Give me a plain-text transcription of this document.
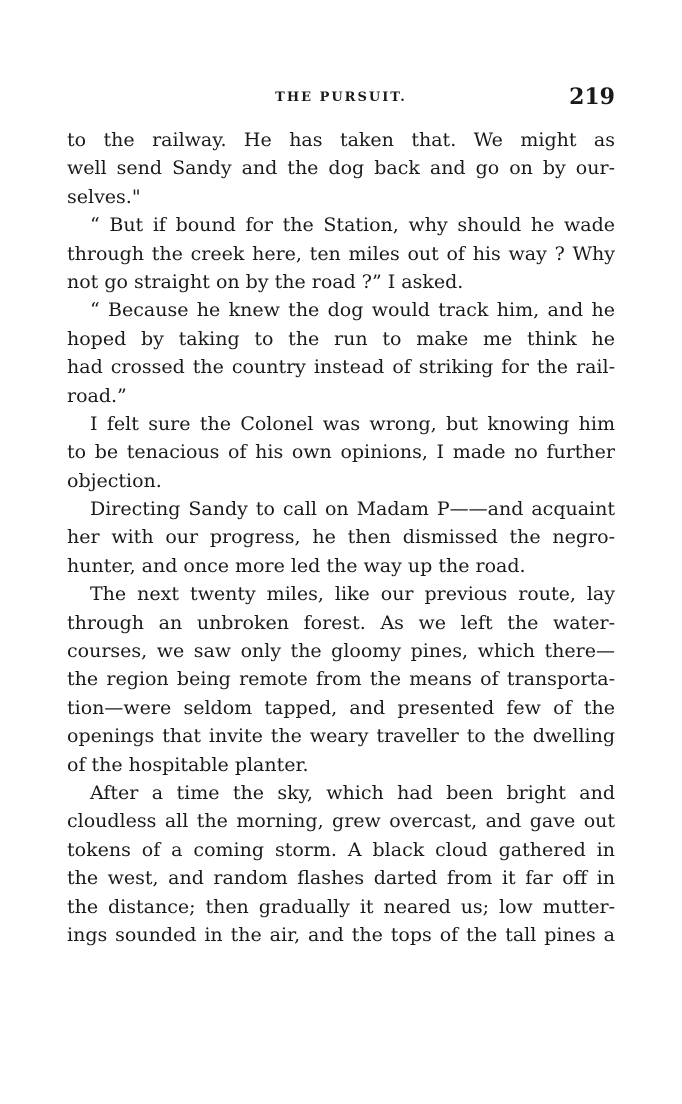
THE PURSUIT.	219
to the railway. He has taken that. We might as
well send Sandy and the dog back and go on by our-
selves."
“ But if bound for the Station, why should he wade
through the creek here, ten miles out of his way ? Why
not go straight on by the road ?” I asked.
“ Because he knew the dog would track him, and he
hoped by taking to the run to make me think he
had crossed the country instead of striking for the rail-
road.”
I felt sure the Colonel was wrong, but knowing him
to be tenacious of his own opinions, I made no further
objection.
Directing Sandy to call on Madam P——and acquaint
her with our progress, he then dismissed the negro-
hunter, and once more led the way up the road.
The next twenty miles, like our previous route, lay
through an unbroken forest. As we left the water-
courses, we saw only the gloomy pines, which there—
the region being remote from the means of transporta-
tion—were seldom tapped, and presented few of the
openings that invite the weary traveller to the dwelling
of the hospitable planter.
After a time the sky, which had been bright and
cloudless all the morning, grew overcast, and gave out
tokens of a coming storm. A black cloud gathered in
the west, and random flashes darted from it far off in
the distance; then gradually it neared us; low mutter-
ings sounded in the air, and the tops of the tall pines a
